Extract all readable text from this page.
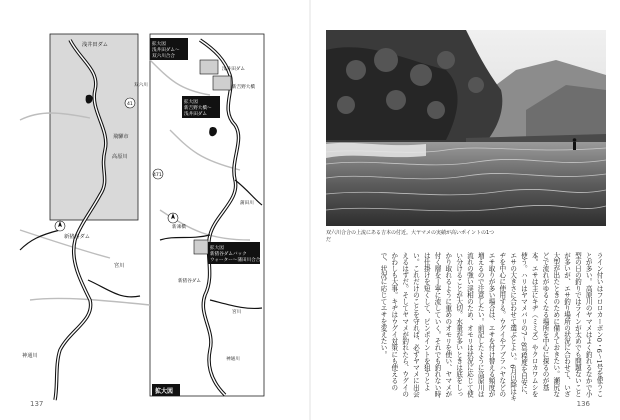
41
471
浅井田ダム
浅井田ダム
新吉野大橋
双六川
飛騨市
高原川
新猪谷ダム
宮川
神通川
新凍橋
蒲田川
新猪谷ダム
宮川
神通川
拡大図
浅井田ダム〜
双六川合合
拡大図
新吉野大橋〜
浅井田ダム
拡大図
新猪谷ダムバック
ウォーター〜蒲田川合合
拡大図
137
双六川合合の上流にある吉本の付近。大ヤマメの実績が高いポイントの1つだ
ライン付いはフロロカーボン0・6〜1号を使うことが多い。高原川のヤマメはよく釣れるなかで小型の日の釣りではラインが太めでも問題ないことが多いが、エサ釣り場所の状況に合わせて、いざ大型が出たときのために備えておきたい。瀬尻などで流れがゆるくなる場所を中心に探るのが基本。エサは主にキヂ（ミミズ）やクロカワムシを使う。ハリはヤマメバリの7〜8号程度を目安に、エサの大きさに合わせて選ぶとよい。6月以降はキヂを中心に使用する。ウグイやアブラハヤなどのエサ取りが多い場合は、エサを付け替える頻度が増えるので注意したい。前記したように高原川は流れの強い渓相のため、オモリは状況に応じて使い分けることが大切。水量が多いときは底をしっかり取れるように重めのオモリを使い、ヤマメが付く層を丁寧に流していく。それでも釣れない時は仕掛けを短くして、ピンポイントを狙うとよい。これだけのことを守れば、必ずヤマメに出会えるはずだ。そしてヤマメが釣れたら、ウグイのかわしも大事。キヂはウグイ対策にも使えるので、状況に応じてエサを変えたい。
136
